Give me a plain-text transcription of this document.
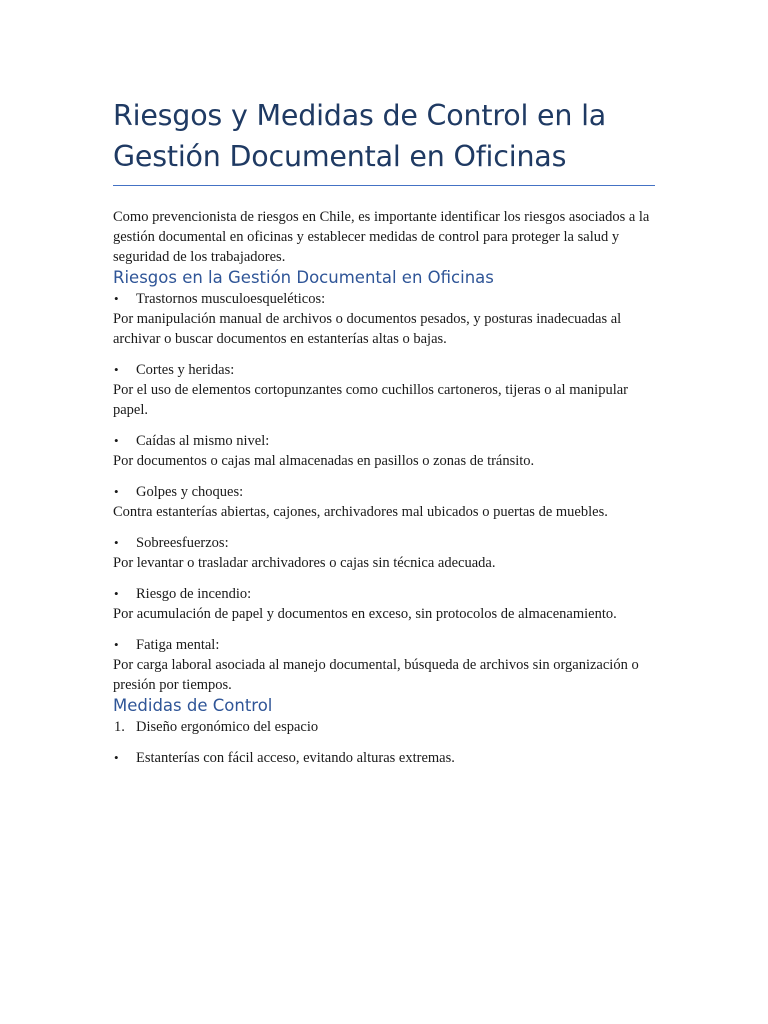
Riesgos y Medidas de Control en la
Gestión Documental en Oficinas

Como prevencionista de riesgos en Chile, es importante identificar los riesgos asociados a la gestión documental en oficinas y establecer medidas de control para proteger la salud y seguridad de los trabajadores.

Riesgos en la Gestión Documental en Oficinas
•	Trastornos musculoesqueléticos:

Por manipulación manual de archivos o documentos pesados, y posturas inadecuadas al archivar o buscar documentos en estanterías altas o bajas.

•	Cortes y heridas:

Por el uso de elementos cortopunzantes como cuchillos cartoneros, tijeras o al manipular papel.

•	Caídas al mismo nivel:

Por documentos o cajas mal almacenadas en pasillos o zonas de tránsito.

•	Golpes y choques:

Contra estanterías abiertas, cajones, archivadores mal ubicados o puertas de muebles.

•	Sobreesfuerzos:

Por levantar o trasladar archivadores o cajas sin técnica adecuada.

•	Riesgo de incendio:

Por acumulación de papel y documentos en exceso, sin protocolos de almacenamiento.

•	Fatiga mental:

Por carga laboral asociada al manejo documental, búsqueda de archivos sin organización o presión por tiempos.

Medidas de Control
1. Diseño ergonómico del espacio
•	Estanterías con fácil acceso, evitando alturas extremas.
